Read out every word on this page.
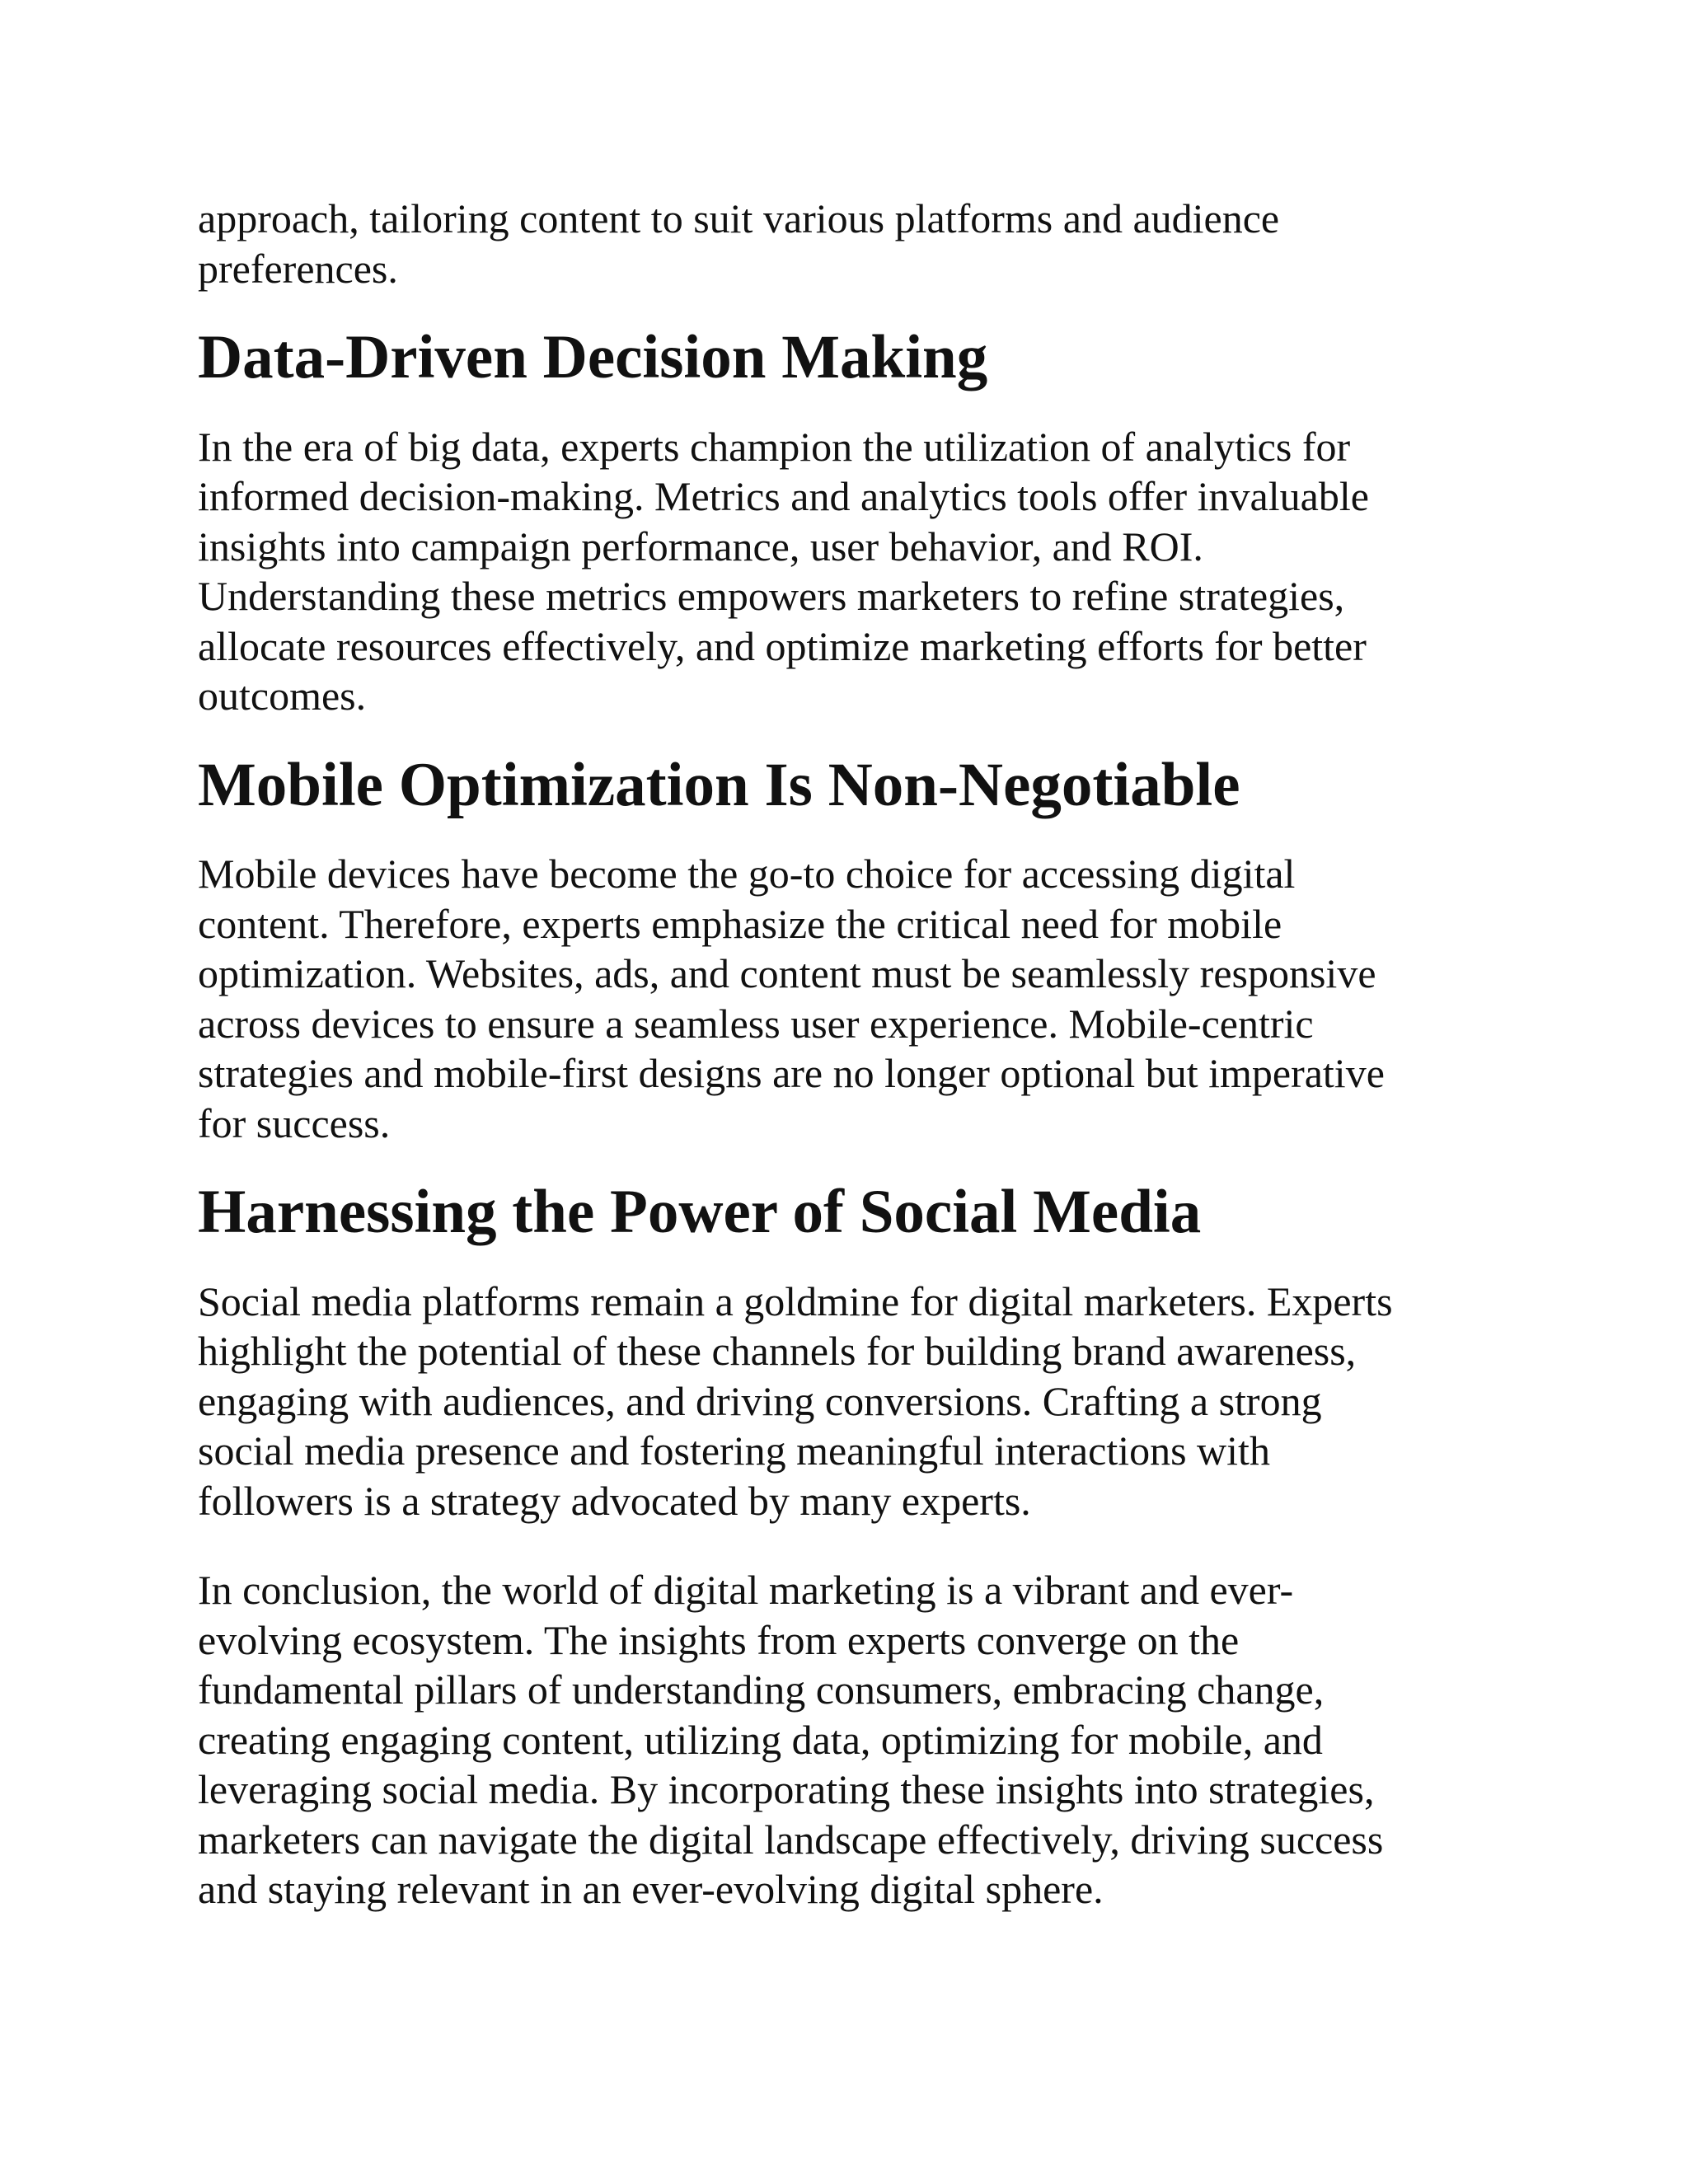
approach, tailoring content to suit various platforms and audience
preferences.

Data-Driven Decision Making

In the era of big data, experts champion the utilization of analytics for
informed decision-making. Metrics and analytics tools offer invaluable
insights into campaign performance, user behavior, and ROI.
Understanding these metrics empowers marketers to refine strategies,
allocate resources effectively, and optimize marketing efforts for better
outcomes.

Mobile Optimization Is Non-Negotiable

Mobile devices have become the go-to choice for accessing digital
content. Therefore, experts emphasize the critical need for mobile
optimization. Websites, ads, and content must be seamlessly responsive
across devices to ensure a seamless user experience. Mobile-centric
strategies and mobile-first designs are no longer optional but imperative
for success.

Harnessing the Power of Social Media

Social media platforms remain a goldmine for digital marketers. Experts
highlight the potential of these channels for building brand awareness,
engaging with audiences, and driving conversions. Crafting a strong
social media presence and fostering meaningful interactions with
followers is a strategy advocated by many experts.

In conclusion, the world of digital marketing is a vibrant and ever-
evolving ecosystem. The insights from experts converge on the
fundamental pillars of understanding consumers, embracing change,
creating engaging content, utilizing data, optimizing for mobile, and
leveraging social media. By incorporating these insights into strategies,
marketers can navigate the digital landscape effectively, driving success
and staying relevant in an ever-evolving digital sphere.
